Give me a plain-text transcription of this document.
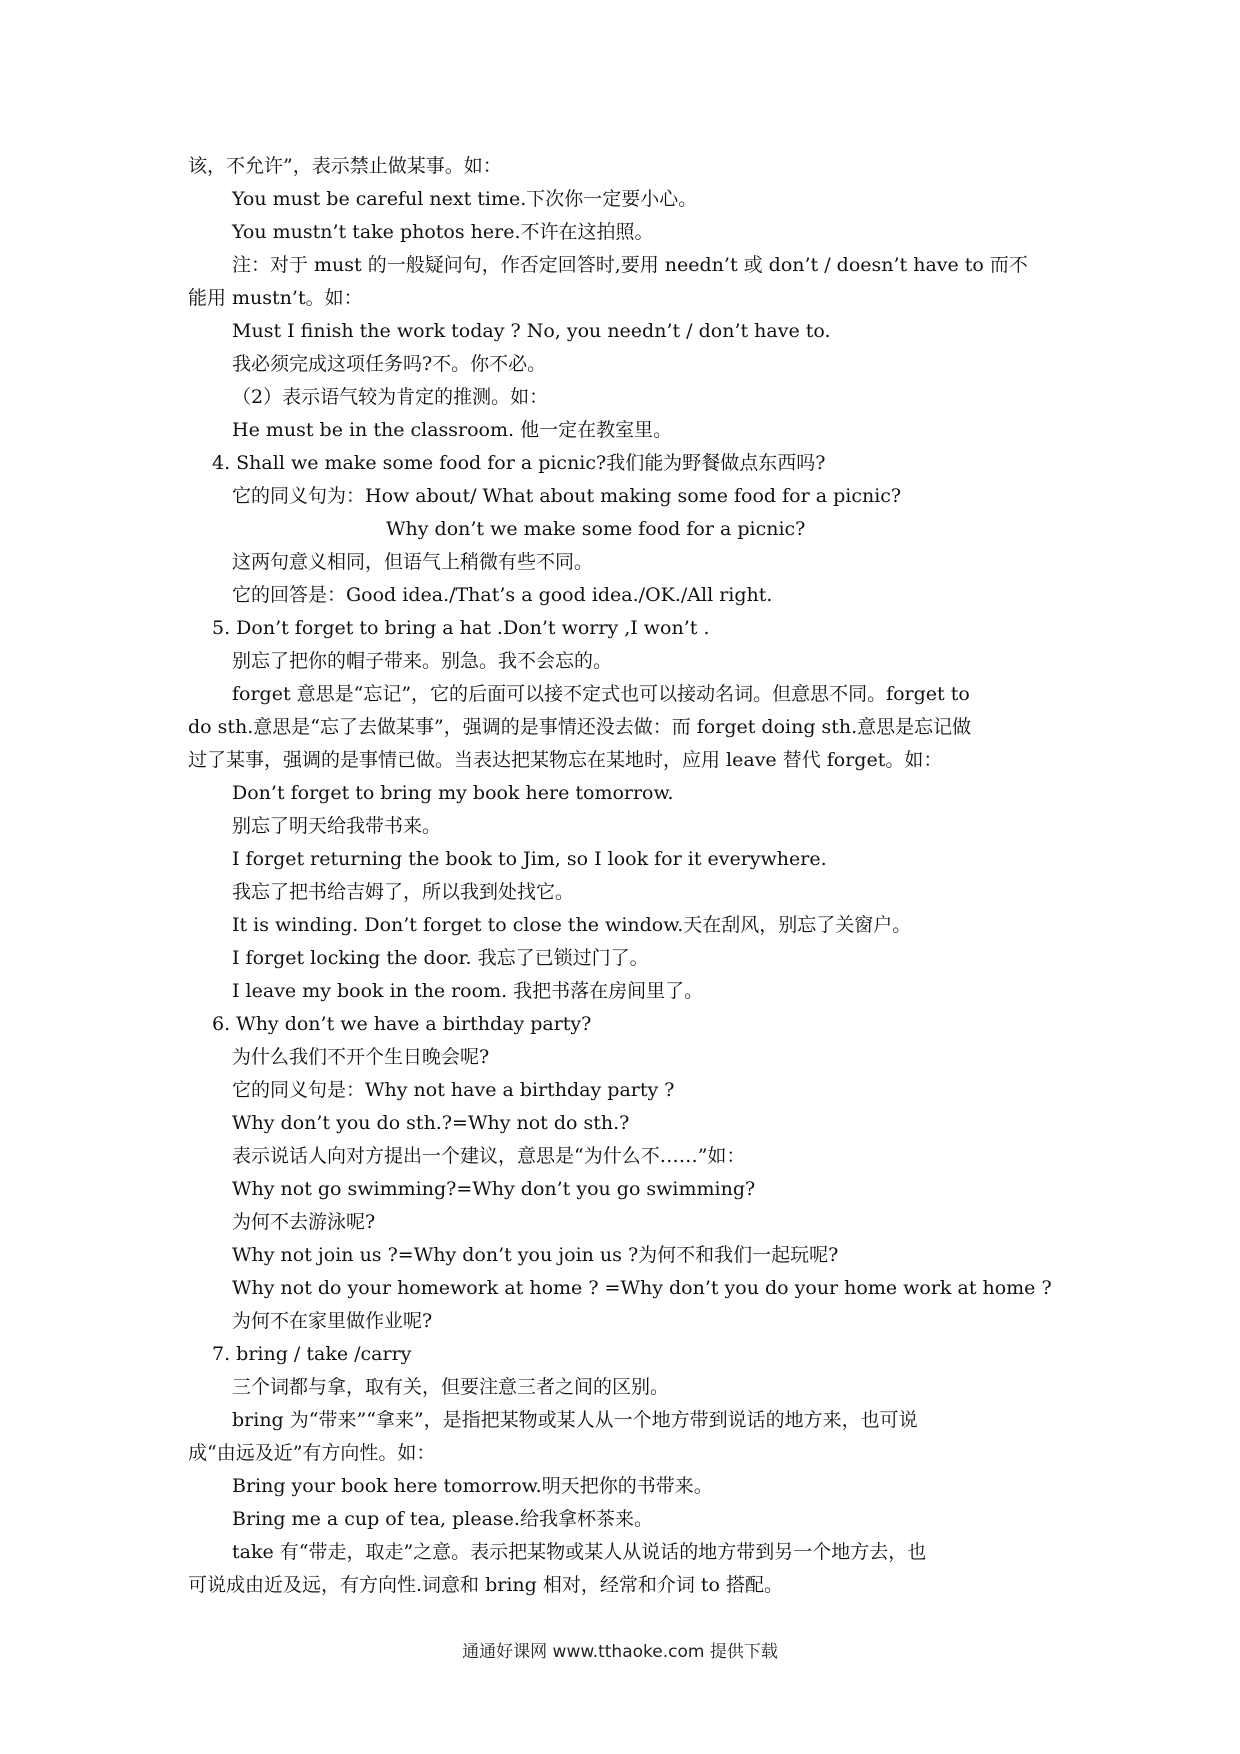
该，不允许”，表示禁止做某事。如：
You must be careful next time.下次你一定要小心。
You mustn’t take photos here.不许在这拍照。
注：对于 must 的一般疑问句，作否定回答时,要用 needn’t 或 don’t / doesn’t have to 而不
能用 mustn’t。如：
Must I finish the work today ? No, you needn’t / don’t have to.
我必须完成这项任务吗?不。你不必。
（2）表示语气较为肯定的推测。如：
He must be in the classroom. 他一定在教室里。
4. Shall we make some food for a picnic?我们能为野餐做点东西吗?
它的同义句为：How about/ What about making some food for a picnic?
Why don’t we make some food for a picnic?
这两句意义相同，但语气上稍微有些不同。
它的回答是：Good idea./That’s a good idea./OK./All right.
5. Don’t forget to bring a hat .Don’t worry ,I won’t .
别忘了把你的帽子带来。别急。我不会忘的。
forget 意思是“忘记”，它的后面可以接不定式也可以接动名词。但意思不同。forget to
do sth.意思是“忘了去做某事”，强调的是事情还没去做：而 forget doing sth.意思是忘记做
过了某事，强调的是事情已做。当表达把某物忘在某地时，应用 leave 替代 forget。如：
Don’t forget to bring my book here tomorrow.
别忘了明天给我带书来。
I forget returning the book to Jim, so I look for it everywhere.
我忘了把书给吉姆了，所以我到处找它。
It is winding. Don’t forget to close the window.天在刮风，别忘了关窗户。
I forget locking the door. 我忘了已锁过门了。
I leave my book in the room. 我把书落在房间里了。
6. Why don’t we have a birthday party?
为什么我们不开个生日晚会呢?
它的同义句是：Why not have a birthday party ?
Why don’t you do sth.?=Why not do sth.?
表示说话人向对方提出一个建议，意思是“为什么不……”如：
Why not go swimming?=Why don’t you go swimming?
为何不去游泳呢?
Why not join us ?=Why don’t you join us ?为何不和我们一起玩呢?
Why not do your homework at home ? =Why don’t you do your home work at home ?
为何不在家里做作业呢?
7. bring / take /carry
三个词都与拿，取有关，但要注意三者之间的区别。
bring 为“带来”“拿来”，是指把某物或某人从一个地方带到说话的地方来，也可说
成“由远及近”有方向性。如：
Bring your book here tomorrow.明天把你的书带来。
Bring me a cup of tea, please.给我拿杯茶来。
take 有“带走，取走”之意。表示把某物或某人从说话的地方带到另一个地方去，也
可说成由近及远，有方向性.词意和 bring 相对，经常和介词 to 搭配。
通通好课网 www.tthaoke.com 提供下载
